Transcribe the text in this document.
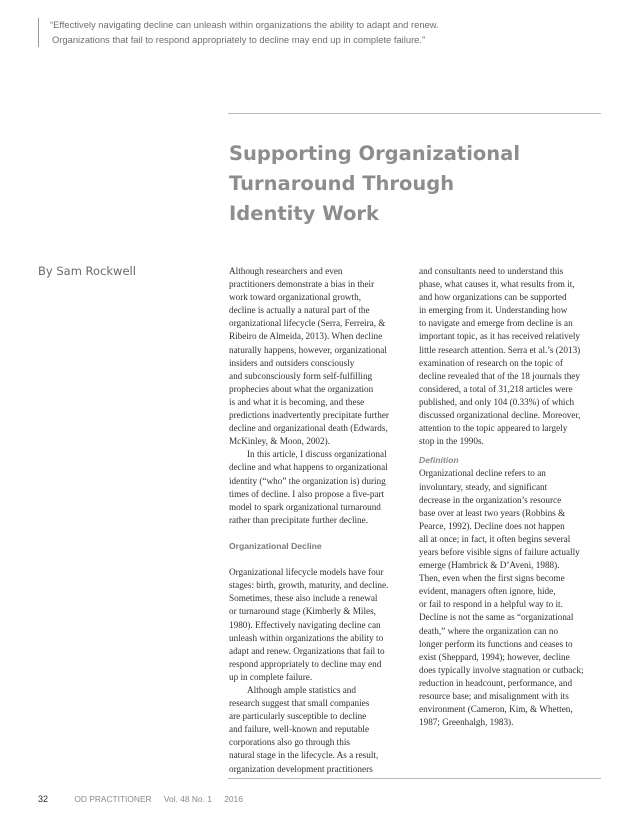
“Effectively navigating decline can unleash within organizations the ability to adapt and renew.

Organizations that fail to respond appropriately to decline may end up in complete failure.”

Supporting Organizational
Turnaround Through
Identity Work

By Sam Rockwell	Although researchers and even
practitioners demonstrate a bias in their
work toward organizational growth,
decline is actually a natural part of the
organizational lifecycle (Serra, Ferreira, &
Ribeiro de Almeida, 2013). When decline
naturally happens, however, organizational
insiders and outsiders consciously
and subconsciously form self-fulfilling
prophecies about what the organization
is and what it is becoming, and these
predictions inadvertently precipitate further
decline and organizational death (Edwards,
McKinley, & Moon, 2002).
In this article, I discuss organizational
decline and what happens to organizational
identity (“who” the organization is) during
times of decline. I also propose a five-part
model to spark organizational turnaround
rather than precipitate further decline.
Organizational Decline
Organizational lifecycle models have four
stages: birth, growth, maturity, and decline.
Sometimes, these also include a renewal
or turnaround stage (Kimberly & Miles,
1980). Effectively navigating decline can
unleash within organizations the ability to
adapt and renew. Organizations that fail to
respond appropriately to decline may end
up in complete failure.
Although ample statistics and
research suggest that small companies
are particularly susceptible to decline
and failure, well-known and reputable
corporations also go through this
natural stage in the lifecycle. As a result,
organization development practitioners
and consultants need to understand this
phase, what causes it, what results from it,
and how organizations can be supported
in emerging from it. Understanding how
to navigate and emerge from decline is an
important topic, as it has received relatively
little research attention. Serra et al.’s (2013)
examination of research on the topic of
decline revealed that of the 18 journals they
considered, a total of 31,218 articles were
published, and only 104 (0.33%) of which
discussed organizational decline. Moreover,
attention to the topic appeared to largely
stop in the 1990s.
Definition
Organizational decline refers to an
involuntary, steady, and significant
decrease in the organization’s resource
base over at least two years (Robbins &
Pearce, 1992). Decline does not happen
all at once; in fact, it often begins several
years before visible signs of failure actually
emerge (Hambrick & D’Aveni, 1988).
Then, even when the first signs become
evident, managers often ignore, hide,
or fail to respond in a helpful way to it.
Decline is not the same as “organizational
death,” where the organization can no
longer perform its functions and ceases to
exist (Sheppard, 1994); however, decline
does typically involve stagnation or cutback;
reduction in headcount, performance, and
resource base; and misalignment with its
environment (Cameron, Kim, & Whetten,
1987; Greenhalgh, 1983).
32	OD PRACTITIONER Vol. 48 No. 1 2016
